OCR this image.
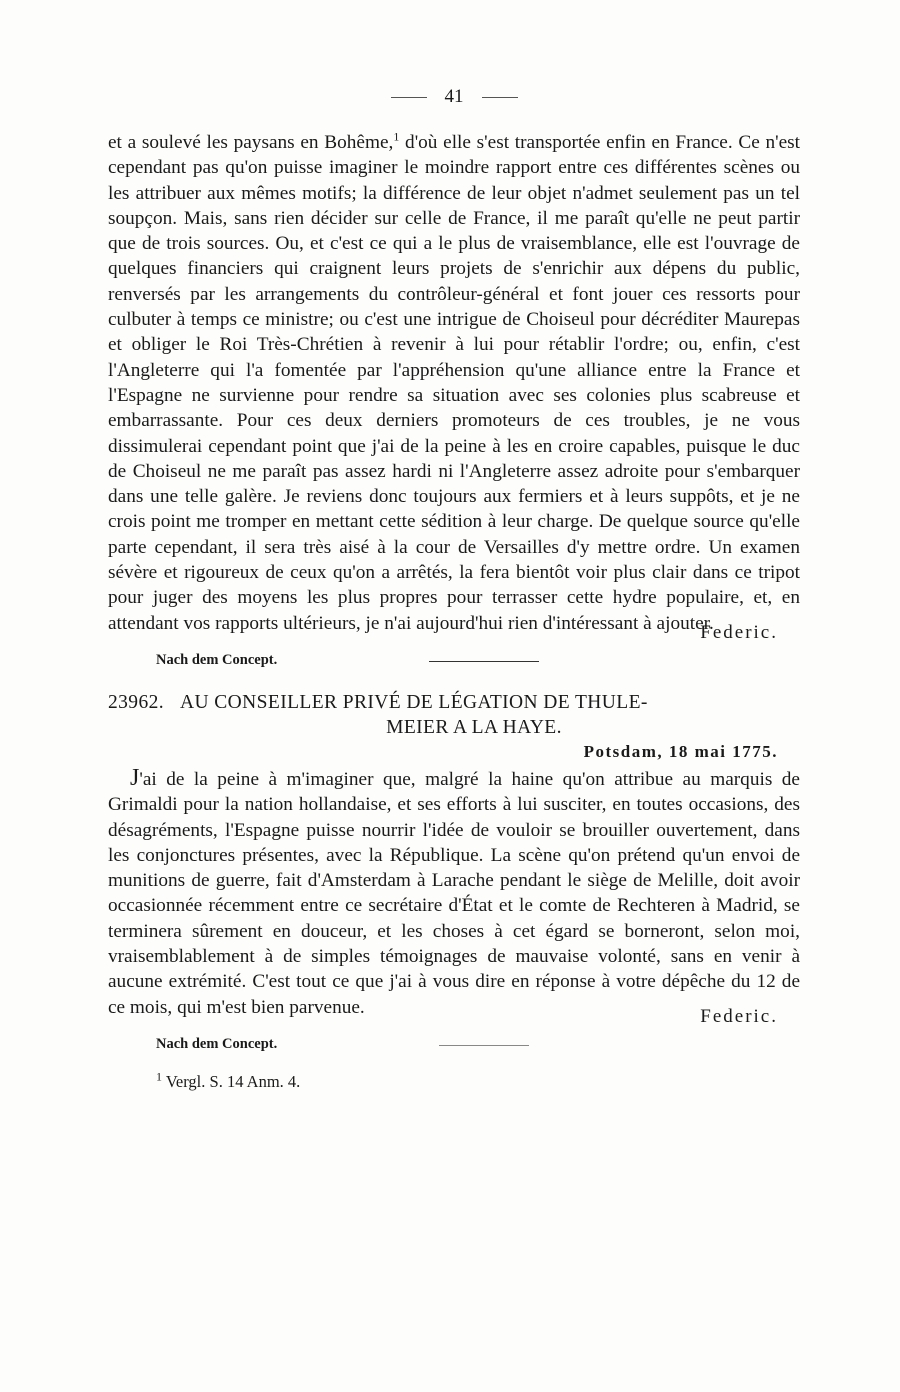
41
et a soulevé les paysans en Bohême,$^1$ d'où elle s'est transportée enfin en France. Ce n'est cependant pas qu'on puisse imaginer le moindre rapport entre ces différentes scènes ou les attribuer aux mêmes motifs; la différence de leur objet n'admet seulement pas un tel soupçon. Mais, sans rien décider sur celle de France, il me paraît qu'elle ne peut partir que de trois sources. Ou, et c'est ce qui a le plus de vraisemblance, elle est l'ouvrage de quelques financiers qui craignent leurs projets de s'enrichir aux dépens du public, renversés par les arrangements du contrôleur-général et font jouer ces ressorts pour culbuter à temps ce ministre; ou c'est une intrigue de Choiseul pour décréditer Maurepas et obliger le Roi Très-Chrétien à revenir à lui pour rétablir l'ordre; ou, enfin, c'est l'Angleterre qui l'a fomentée par l'appréhension qu'une alliance entre la France et l'Espagne ne survienne pour rendre sa situation avec ses colonies plus scabreuse et embarrassante. Pour ces deux derniers promoteurs de ces troubles, je ne vous dissimulerai cependant point que j'ai de la peine à les en croire capables, puisque le duc de Choiseul ne me paraît pas assez hardi ni l'Angleterre assez adroite pour s'embarquer dans une telle galère. Je reviens donc toujours aux fermiers et à leurs suppôts, et je ne crois point me tromper en mettant cette sédition à leur charge. De quelque source qu'elle parte cependant, il sera très aisé à la cour de Versailles d'y mettre ordre. Un examen sévère et rigoureux de ceux qu'on a arrêtés, la fera bientôt voir plus clair dans ce tripot pour juger des moyens les plus propres pour terrasser cette hydre populaire, et, en attendant vos rapports ultérieurs, je n'ai aujourd'hui rien d'intéressant à ajouter.
Federic.
Nach dem Concept.
23962. AU CONSEILLER PRIVÉ DE LÉGATION DE THULE-
MEIER A LA HAYE.
Potsdam, 18 mai 1775.
J'ai de la peine à m'imaginer que, malgré la haine qu'on attribue au marquis de Grimaldi pour la nation hollandaise, et ses efforts à lui susciter, en toutes occasions, des désagréments, l'Espagne puisse nourrir l'idée de vouloir se brouiller ouvertement, dans les conjonctures présentes, avec la République. La scène qu'on prétend qu'un envoi de munitions de guerre, fait d'Amsterdam à Larache pendant le siège de Melille, doit avoir occasionnée récemment entre ce secrétaire d'État et le comte de Rechteren à Madrid, se terminera sûrement en douceur, et les choses à cet égard se borneront, selon moi, vraisemblablement à de simples témoignages de mauvaise volonté, sans en venir à aucune extrémité. C'est tout ce que j'ai à vous dire en réponse à votre dépêche du 12 de ce mois, qui m'est bien parvenue.	Federic.
Nach dem Concept.
$^1$ Vergl. S. 14 Anm. 4.
